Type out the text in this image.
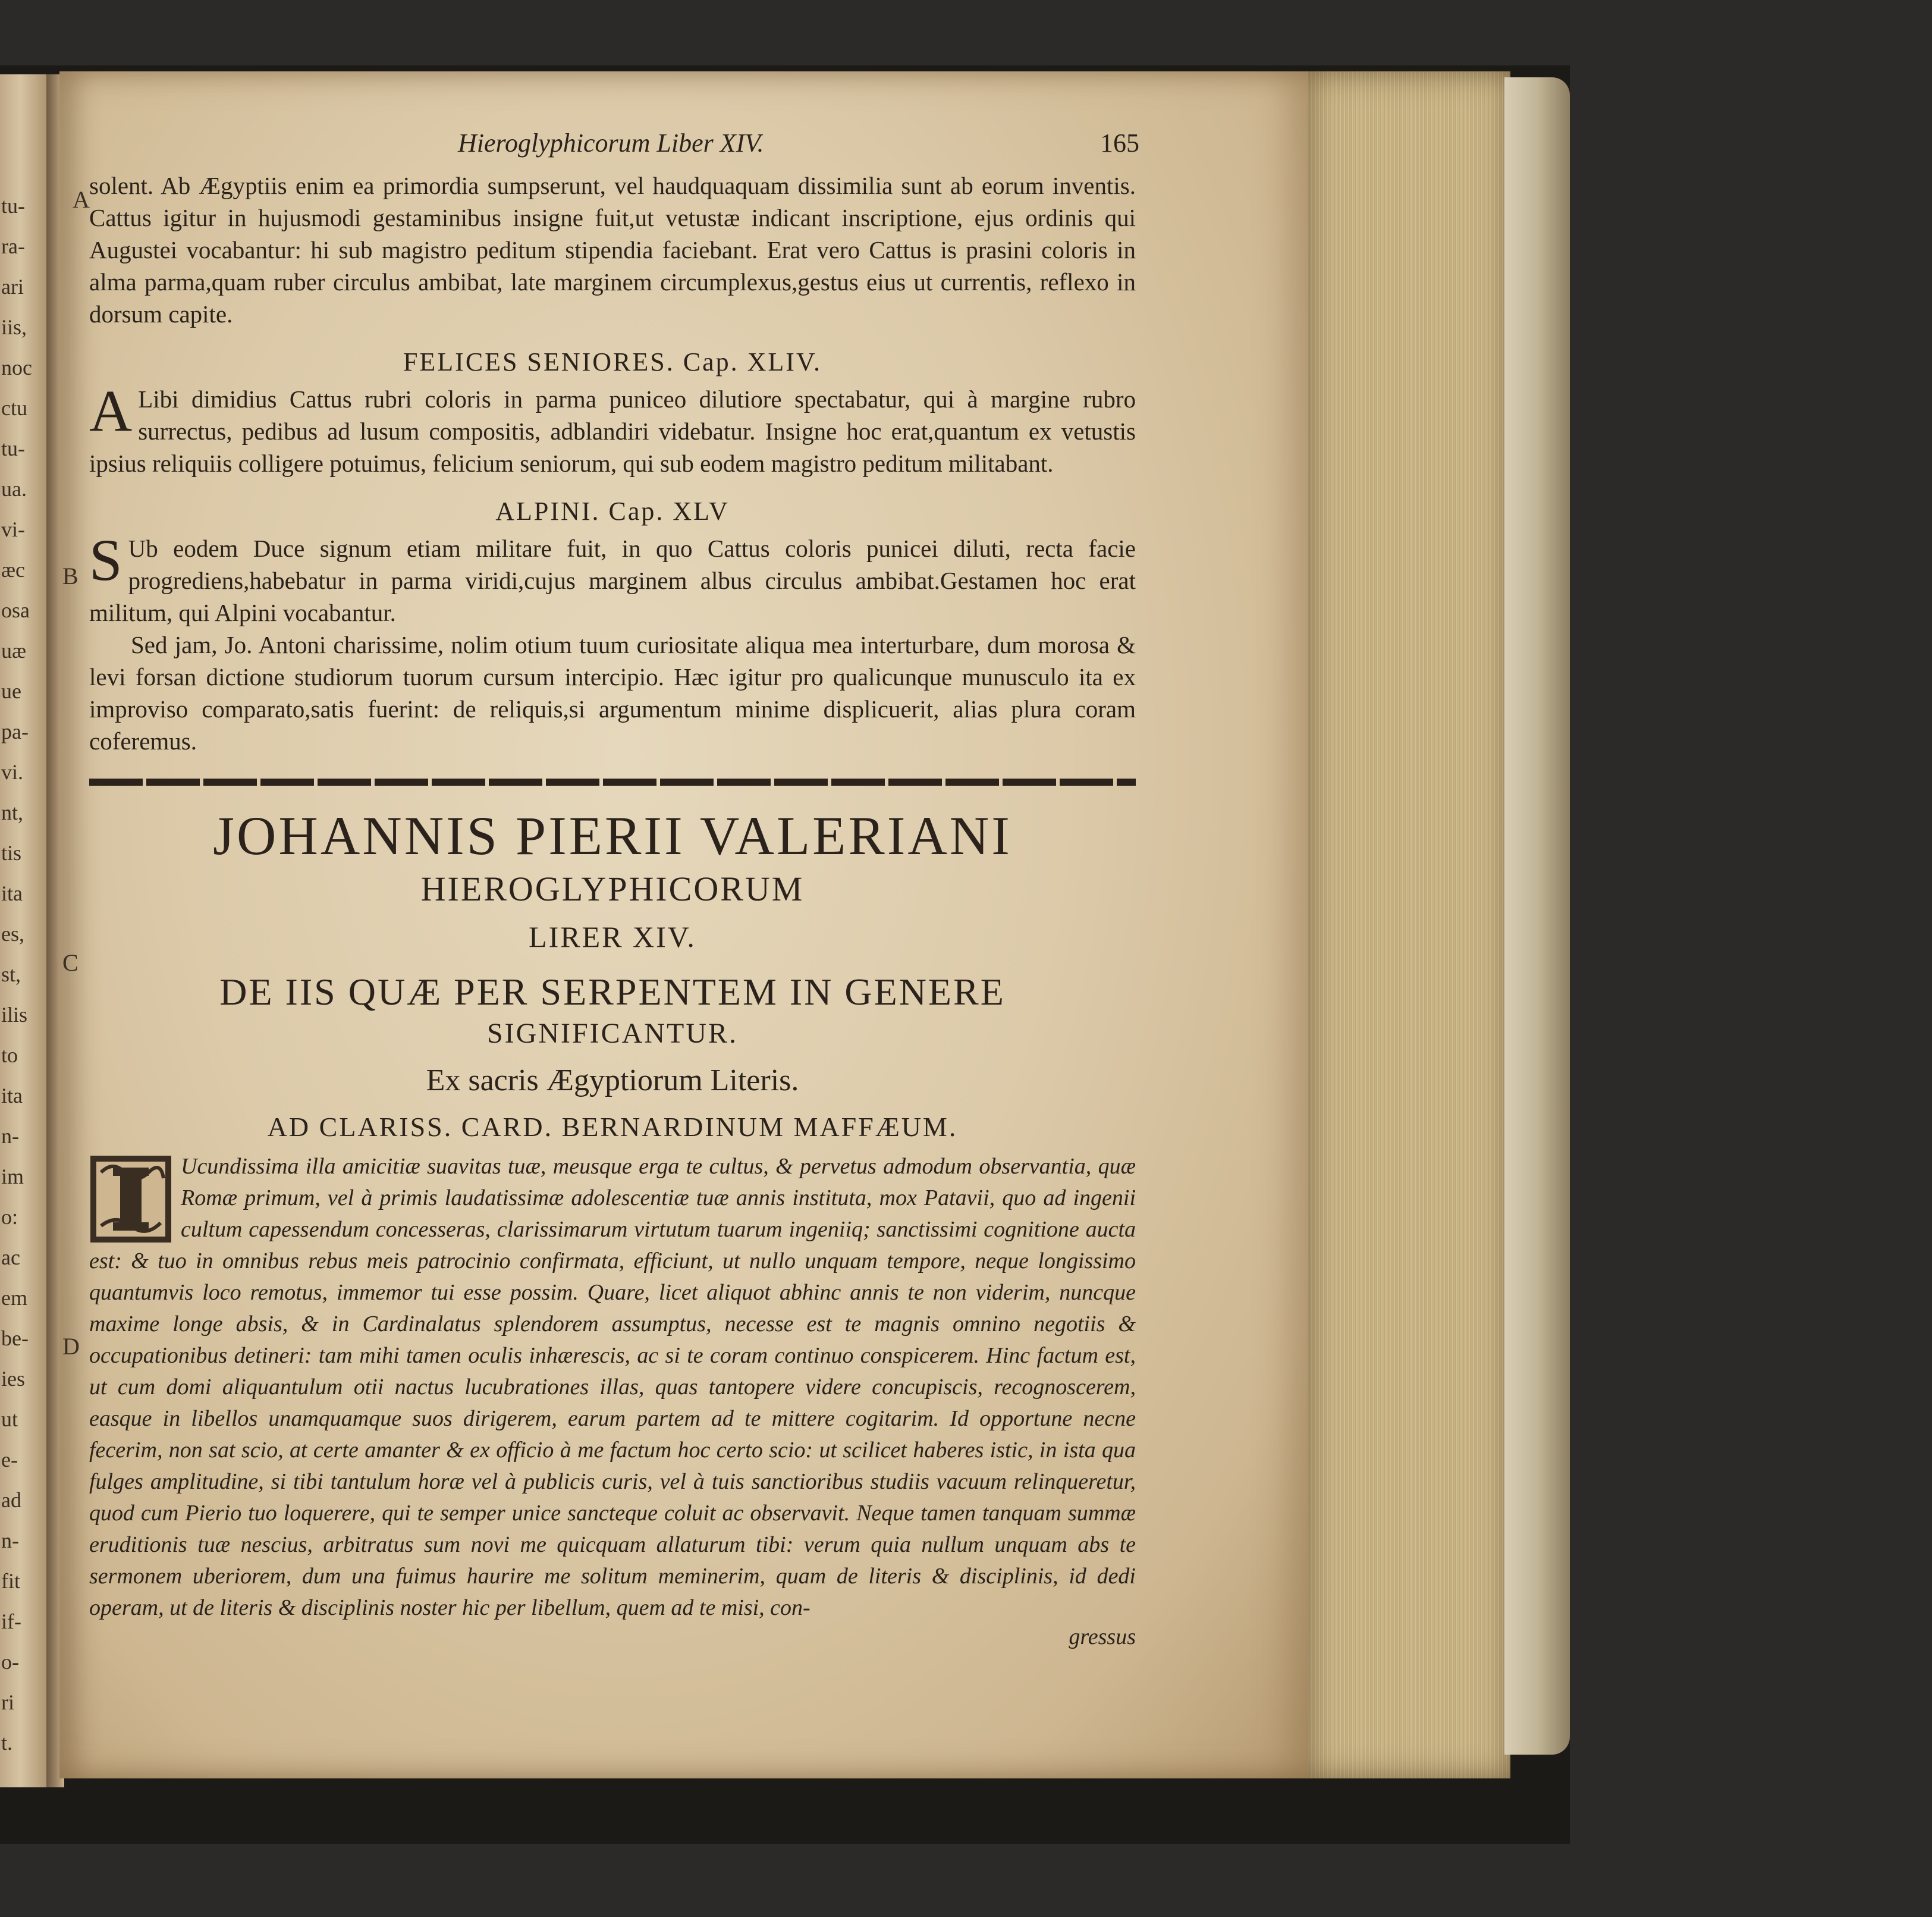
tu-
ra-
ari
iis,
noc
ctu
tu-
ua.
vi-
æc
osa
uæ
ue
pa-
vi.
nt,
tis
ita
es,
st,
ilis
to
ita
n-
im
o:
ac
em
be-
ies
ut
e-
ad
n-
fit
if-
o-
ri
t.
A
B
C
D
Hieroglyphicorum Liber XIV.	165

solent. Ab Ægyptiis enim ea primordia sumpserunt, vel haudquaquam dissimilia sunt ab eorum inventis. Cattus igitur in hujusmodi gestaminibus insigne fuit,ut vetustæ indicant inscriptione, ejus ordinis qui Augustei vocabantur: hi sub magistro peditum stipendia faciebant. Erat vero Cattus is prasini coloris in alma parma,quam ruber circulus ambibat, late marginem circumplexus,gestus eius ut currentis, reflexo in dorsum capite.

FELICES SENIORES. Cap. XLIV.

A Libi dimidius Cattus rubri coloris in parma puniceo dilutiore spectabatur, qui à margine rubro surrectus, pedibus ad lusum compositis, adblandiri videbatur. Insigne hoc erat,quantum ex vetustis ipsius reliquiis colligere potuimus, felicium seniorum, qui sub eodem magistro peditum militabant.

ALPINI. Cap. XLV

S Ub eodem Duce signum etiam militare fuit, in quo Cattus coloris punicei diluti, recta facie progrediens,habebatur in parma viridi,cujus marginem albus circulus ambibat.Gestamen hoc erat militum, qui Alpini vocabantur.

Sed jam, Jo. Antoni charissime, nolim otium tuum curiositate aliqua mea interturbare, dum morosa & levi forsan dictione studiorum tuorum cursum intercipio. Hæc igitur pro qualicunque munusculo ita ex improviso comparato,satis fuerint: de reliquis,si argumentum minime displicuerit, alias plura coram coferemus.

JOHANNIS PIERII VALERIANI
HIEROGLYPHICORUM
LIRER XIV.
DE IIS QUÆ PER SERPENTEM IN GENERE
SIGNIFICANTUR.
Ex sacris Ægyptiorum Literis.
AD CLARISS. CARD. BERNARDINUM MAFFÆUM.

Ucundissima illa amicitiæ suavitas tuæ, meusque erga te cultus, & pervetus admodum observantia, quæ Romæ primum, vel à primis laudatissimæ adolescentiæ tuæ annis instituta, mox Patavii, quo ad ingenii cultum capessendum concesseras, clarissimarum virtutum tuarum ingeniiq; sanctissimi cognitione aucta est: & tuo in omnibus rebus meis patrocinio confirmata, efficiunt, ut nullo unquam tempore, neque longissimo quantumvis loco remotus, immemor tui esse possim. Quare, licet aliquot abhinc annis te non viderim, nuncque maxime longe absis, & in Cardinalatus splendorem assumptus, necesse est te magnis omnino negotiis & occupationibus detineri: tam mihi tamen oculis inhærescis, ac si te coram continuo conspicerem. Hinc factum est, ut cum domi aliquantulum otii nactus lucubrationes illas, quas tantopere videre concupiscis, recognoscerem, easque in libellos unamquamque suos dirigerem, earum partem ad te mittere cogitarim. Id opportune necne fecerim, non sat scio, at certe amanter & ex officio à me factum hoc certo scio: ut scilicet haberes istic, in ista qua fulges amplitudine, si tibi tantulum horæ vel à publicis curis, vel à tuis sanctioribus studiis vacuum relinqueretur, quod cum Pierio tuo loquerere, qui te semper unice sancteque coluit ac observavit. Neque tamen tanquam summæ eruditionis tuæ nescius, arbitratus sum novi me quicquam allaturum tibi: verum quia nullum unquam abs te sermonem uberiorem, dum una fuimus haurire me solitum meminerim, quam de literis & disciplinis, id dedi operam, ut de literis & disciplinis noster hic per libellum, quem ad te misi, con-

gressus
